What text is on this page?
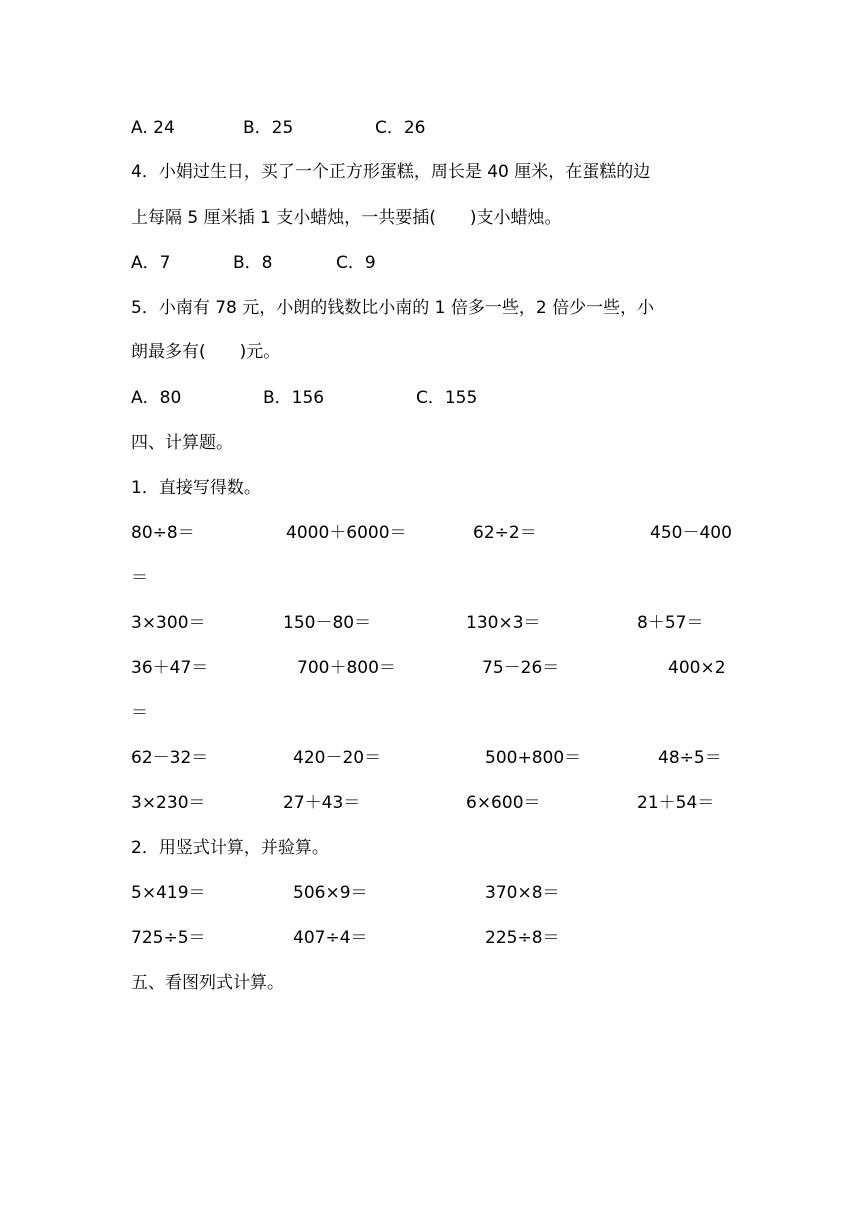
A. 24	B．25	C．26
4．小娟过生日，买了一个正方形蛋糕，周长是 40 厘米，在蛋糕的边
上每隔 5 厘米插 1 支小蜡烛，一共要插(　　)支小蜡烛。
A．7	B．8	C．9
5．小南有 78 元，小朗的钱数比小南的 1 倍多一些，2 倍少一些，小
朗最多有(　　)元。
A．80	B．156	C．155
四、计算题。
1．直接写得数。
80÷8＝	4000＋6000＝	62÷2＝	450－400
＝
3×300＝	150－80＝	130×3＝	8＋57＝
36＋47＝	700＋800＝	75－26＝	400×2
＝
62－32＝	420－20＝	500+800＝	48÷5＝
3×230＝	27＋43＝	6×600＝	21＋54＝
2．用竖式计算，并验算。
5×419＝	506×9＝	370×8＝
725÷5＝	407÷4＝	225÷8＝
五、看图列式计算。
